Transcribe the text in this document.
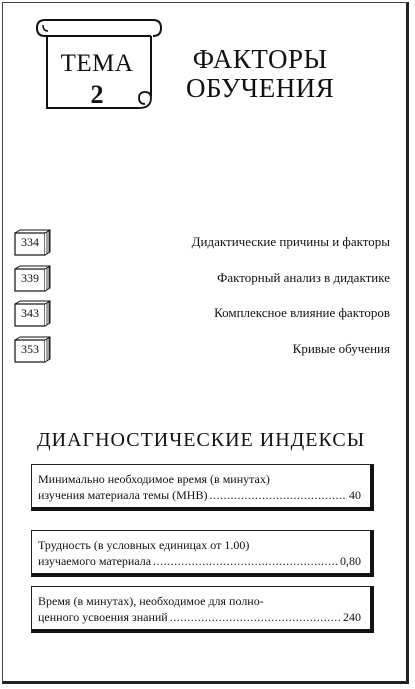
ТЕМА
2
ФАКТОРЫ
ОБУЧЕНИЯ
334	Дидактические причины и факторы
339	Факторный анализ в дидактике
343	Комплексное влияние факторов
353	Кривые обучения
ДИАГНОСТИЧЕСКИЕ ИНДЕКСЫ
Минимально необходимое время (в минутах)
изучения материала темы (МНВ) .....	40
Трудность (в условных единицах от 1.00)
изучаемого материала .....	0,80
Время (в минутах), необходимое для полно-
ценного усвоения знаний .....	240
